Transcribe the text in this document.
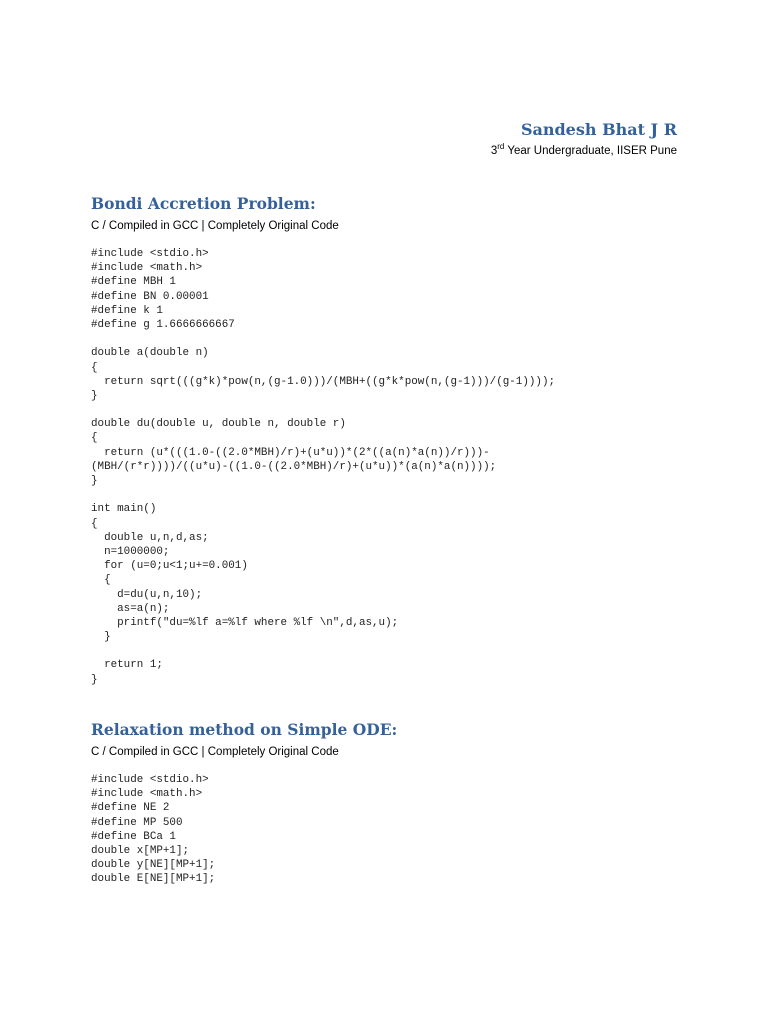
Sandesh Bhat J R

3rd Year Undergraduate, IISER Pune

Bondi Accretion Problem:

C / Compiled in GCC | Completely Original Code

#include <stdio.h>
#include <math.h>
#define MBH 1
#define BN 0.00001
#define k 1
#define g 1.6666666667
double a(double n)
{
return sqrt(((g*k)*pow(n,(g-1.0)))/(MBH+((g*k*pow(n,(g-1)))/(g-1))));
}
double du(double u, double n, double r)
{
return (u*(((1.0-((2.0*MBH)/r)+(u*u))*(2*((a(n)*a(n))/r)))-
(MBH/(r*r))))/((u*u)-((1.0-((2.0*MBH)/r)+(u*u))*(a(n)*a(n))));
}
int main()
{
double u,n,d,as;
n=1000000;
for (u=0;u<1;u+=0.001)
{
d=du(u,n,10);
as=a(n);
printf("du=%lf a=%lf where %lf \n",d,as,u);
}
return 1;
}
Relaxation method on Simple ODE:

C / Compiled in GCC | Completely Original Code

#include <stdio.h>
#include <math.h>
#define NE 2
#define MP 500
#define BCa 1
double x[MP+1];
double y[NE][MP+1];
double E[NE][MP+1];
